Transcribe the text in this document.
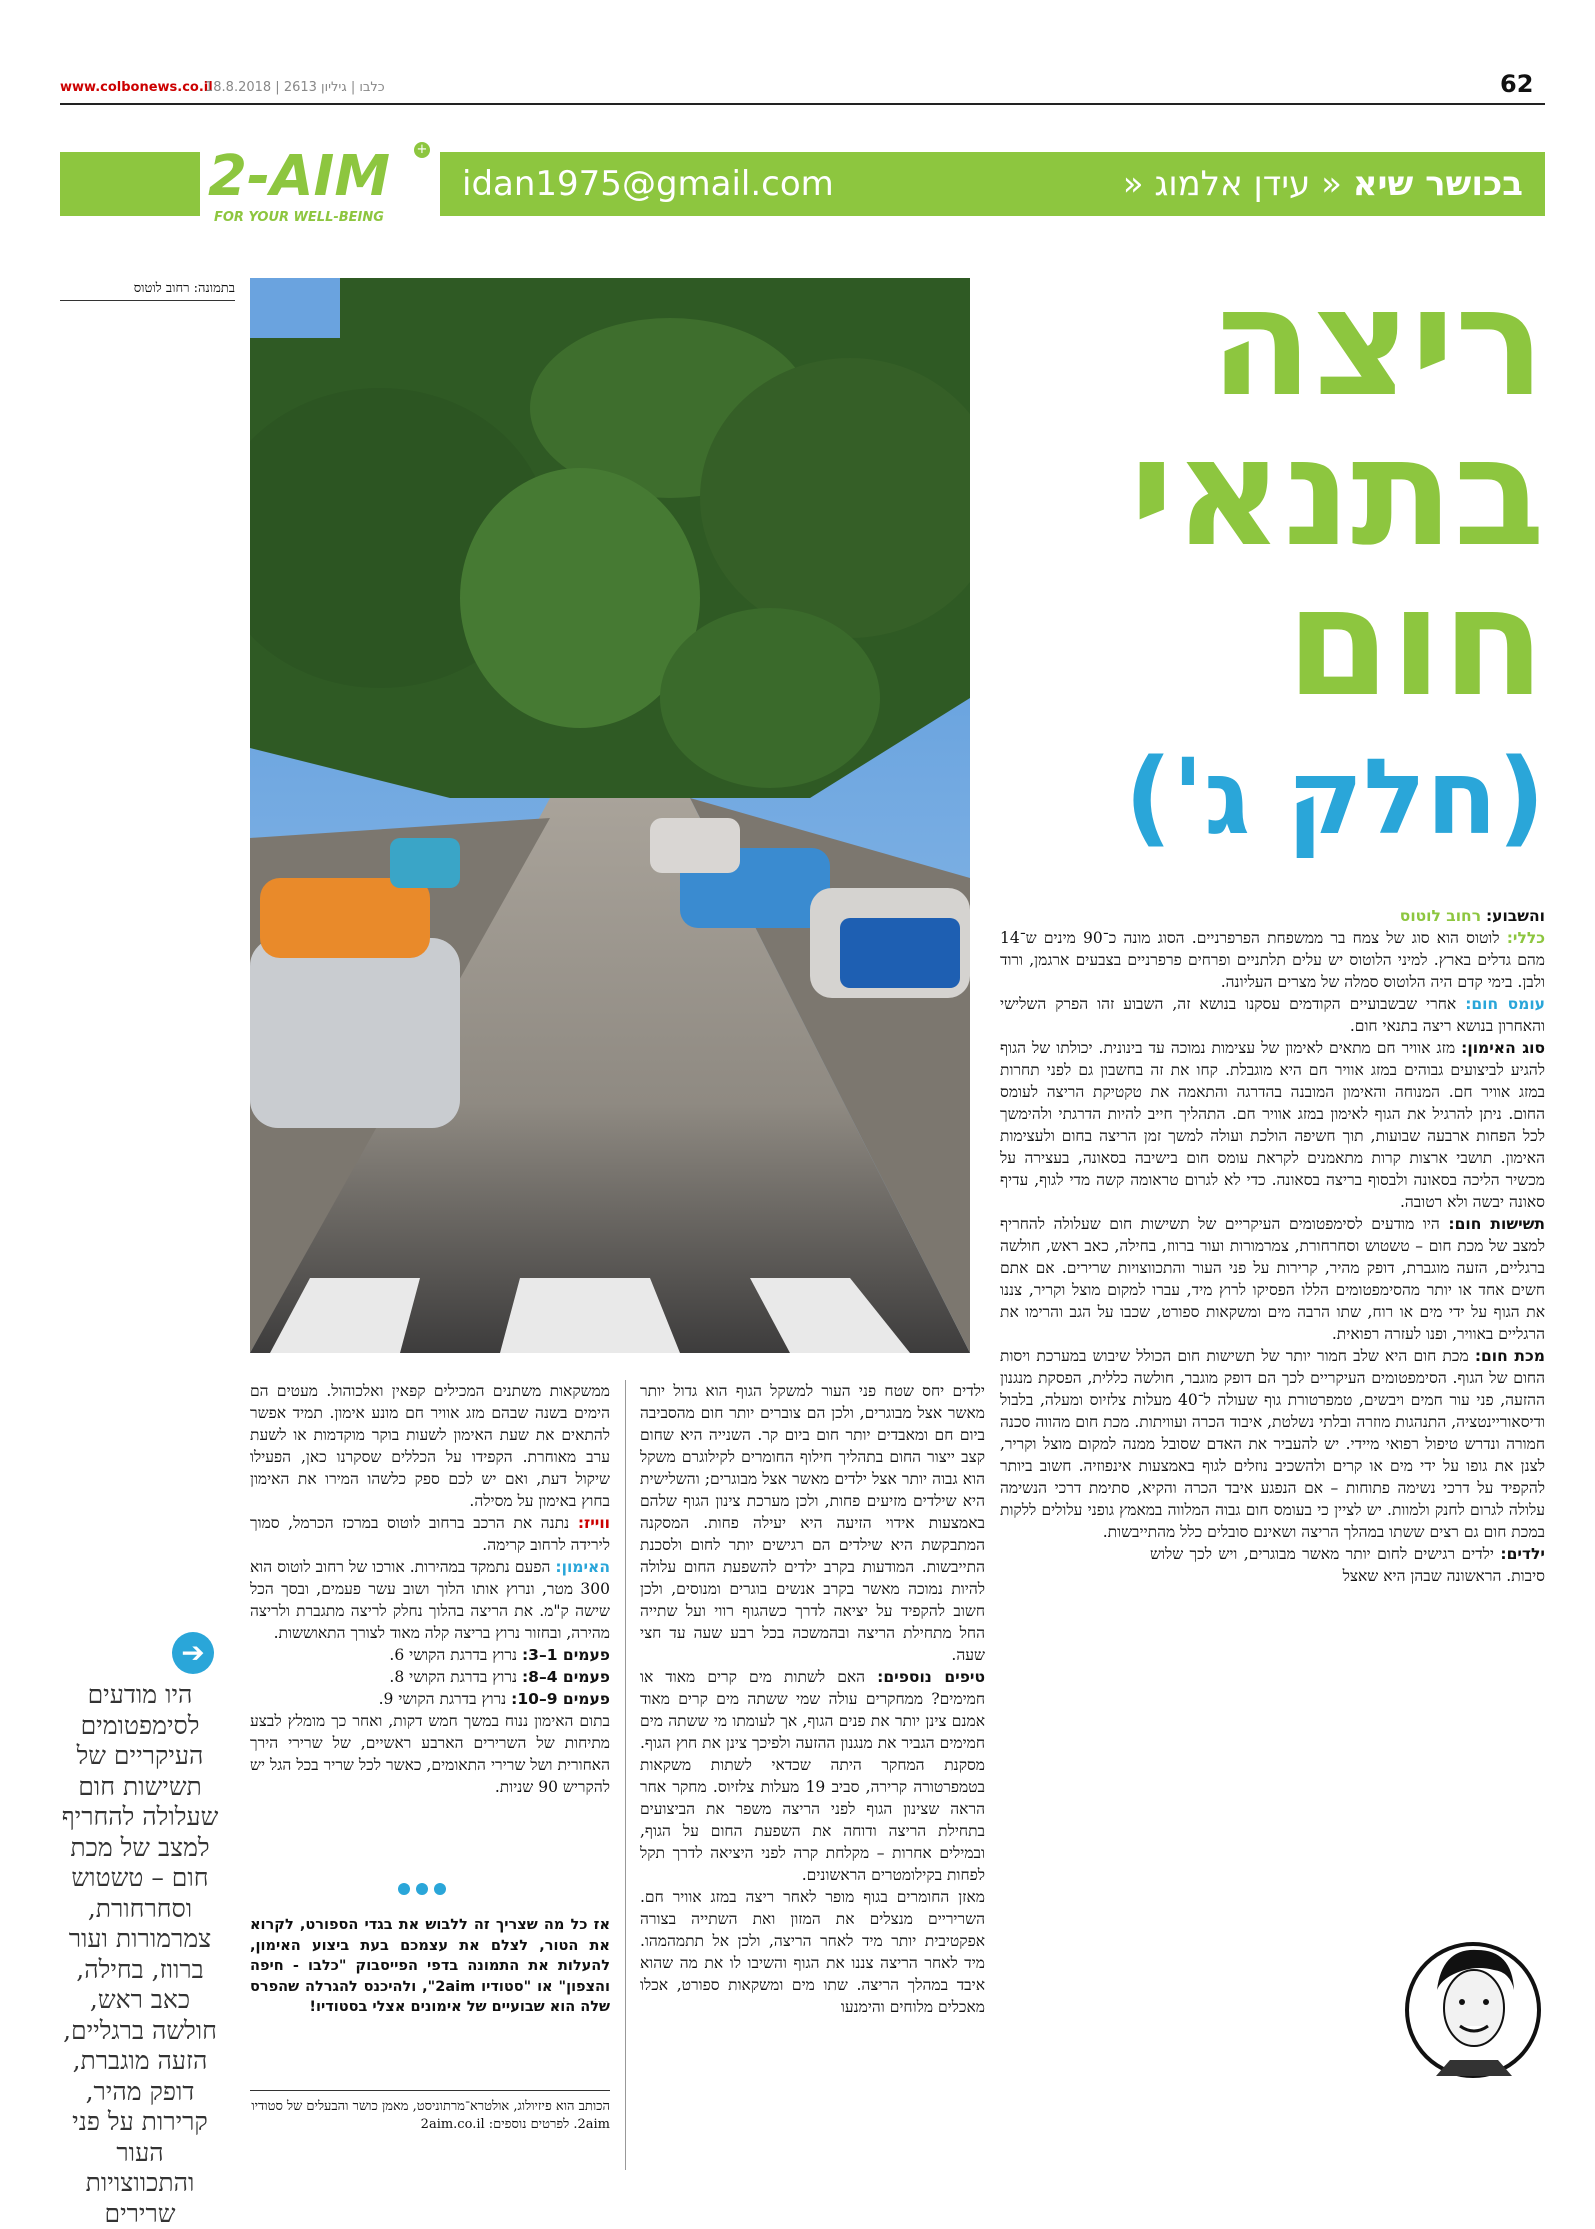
www.colbonews.co.il
כלבו | גיליון 2613 | 18.8.2018	62
2-AIM
FOR YOUR WELL-BEING
+
idan1975@gmail.com	בכושר שיא « עידן אלמוג «
בתמונה: רחוב לוטוס	ריצה
בתנאי
חום
(חלק ג')
והשבוע: רחוב לוטוס
כללי: לוטוס הוא סוג של צמח בר ממשפחת הפרפרניים. הסוג מונה כ־90 מינים ש־14 מהם גדלים בארץ. למיני הלוטוס יש עלים תלתניים ופרחים פרפרניים בצבעים ארגמן, ורוד ולבן. בימי קדם היה הלוטוס סמלה של מצרים העליונה.
עומס חום: אחרי שבשבועיים הקודמים עסקנו בנושא זה, השבוע זהו הפרק השלישי והאחרון בנושא ריצה בתנאי חום.
סוג האימון: מזג אוויר חם מתאים לאימון של עצימות נמוכה עד בינונית. יכולתו של הגוף להגיע לביצועים גבוהים במזג אוויר חם היא מוגבלת. קחו את זה בחשבון גם לפני תחרות במזג אוויר חם. המנוחה והאימון המובנה בהדרגה והתאמה את טקטיקת הריצה לעומס החום. ניתן להרגיל את הגוף לאימון במזג אוויר חם. התהליך חייב להיות הדרגתי ולהימשך לכל הפחות ארבעה שבועות, תוך חשיפה הולכת ועולה למשך זמן הריצה בחום ולעצימות האימון. תושבי ארצות קרות מתאמנים לקראת עומס חום בישיבה בסאונה, בעצירה על מכשיר הליכה בסאונה ולבסוף בריצה בסאונה. כדי לא לגרום טראומה קשה מדי לגוף, עדיף סאונה יבשה ולא רטובה.
תשישות חום: היו מודעים לסימפטומים העיקריים של תשישות חום שעלולה להחריף למצב של מכת חום – טשטוש וסחרחורת, צמרמורות ועור ברווז, בחילה, כאב ראש, חולשה ברגליים, הזעה מוגברת, דופק מהיר, קרירות על פני העור והתכווצויות שרירים. אם אתם חשים אחד או יותר מהסימפטומים הללו הפסיקו לרוץ מיד, עברו למקום מוצל וקריר, צננו את הגוף על ידי מים או רוח, שתו הרבה מים ומשקאות ספורט, שכבו על הגב והרימו את הרגליים באוויר, ופנו לעזרה רפואית.
מכת חום: מכת חום היא שלב חמור יותר של תשישות חום הכולל שיבוש במערכת ויסות החום של הגוף. הסימפטומים העיקריים לכך הם דופק מוגבר, חולשה כללית, הפסקת מנגנון ההזעה, פני עור חמים ויבשים, טמפרטורת גוף שעולה ל־40 מעלות צלזיוס ומעלה, בלבול ודיסאוריינטציה, התנהגות מוזרה ובלתי נשלטת, איבוד הכרה ועוויתות. מכת חום מהווה סכנה חמורה ונדרש טיפול רפואי מיידי. יש להעביר את האדם שסובל ממנה למקום מוצל וקריר, לצנן את גופו על ידי מים או קרים ולהשכיב נוזלים לגוף באמצעות אינפוזיה. חשוב ביותר להקפיד על דרכי נשימה פתוחות – אם הנפגע איבד הכרה והקיא, סתימת דרכי הנשימה עלולה לגרום לחנק ולמוות. יש לציין כי בעומס חום גבוה המלווה במאמץ גופני עלולים ללקות במכת חום גם רצים ששתו במהלך הריצה ושאינם סובלים כלל מהתייבשות.
ילדים: ילדים רגישים לחום יותר מאשר מבוגרים, ויש לכך שלוש סיבות. הראשונה שבהן היא שאצל
ילדים יחס שטח פני העור למשקל הגוף הוא גדול יותר מאשר אצל מבוגרים, ולכן הם צוברים יותר חום מהסביבה ביום חם ומאבדים יותר חום ביום קר. השנייה היא שחום קצב ייצור החום בתהליך חילוף החומרים לקילוגרם משקל הוא גבוה יותר אצל ילדים מאשר אצל מבוגרים; והשלישית היא שילדים מזיעים פחות, ולכן מערכת צינון הגוף שלהם באמצעות אידוי הזיעה היא יעילה פחות. המסקנה המתבקשת היא שילדים הם רגישים יותר לחום ולסכנת התייבשות. המודעות בקרב ילדים להשפעת החום עלולה להיות נמוכה מאשר בקרב אנשים בוגרים ומנוסים, ולכן חשוב להקפיד על יציאה לדרך כשהגוף רווי ועל שתייה החל מתחילת הריצה ובהמשכה בכל רבע שעה עד חצי שעה.
טיפים נוספים: האם לשתות מים קרים מאוד או חמימים? ממחקרים עולה שמי ששתה מים קרים מאוד אמנם צינן יותר את פנים הגוף, אך לעומתו מי ששתה מים חמימים הגביר את מנגנון ההזעה ולפיכך צינן את חוץ הגוף. מסקנת המחקר היתה שכדאי לשתות משקאות בטמפרטורה קרירה, סביב 19 מעלות צלזיוס. מחקר אחר הראה שצינון הגוף לפני הריצה משפר את הביצועים בתחילת הריצה ודוחה את השפעת החום על הגוף, ובמילים אחרות – מקלחת קרה לפני היציאה לדרך תקל לפחות בקילומטרים הראשונים.
מאזן החומרים בגוף מופר לאחר ריצה במזג אוויר חם. השריריים מנצלים את המזון ואת השתייה בצורה אפקטיבית יותר מיד לאחר הריצה, ולכן אל תתמהמהו. מיד לאחר הריצה צננו את הגוף והשיבו לו את מה שהוא איבד במהלך הריצה. שתו מים ומשקאות ספורט, אכלו מאכלים מלוחים והימנעו
ממשקאות משתנים המכילים קפאין ואלכוהול. מעטים הם הימים בשנה שבהם מזג אוויר חם מונע אימון. תמיד אפשר להתאים את שעת האימון לשעות בוקר מוקדמות או לשעת ערב מאוחרת. הקפידו על הכללים שסקרנו כאן, הפעילו שיקול דעת, ואם יש לכם ספק כלשהו המירו את האימון בחוץ באימון על מסילה.
ווייז: נתנה את הרכב ברחוב לוטוס במרכז הכרמל, סמוך לירידה לרחוב קרימה.
האימון: הפעם נתמקד במהירות. אורכו של רחוב לוטוס הוא 300 מטר, ונרוץ אותו הלוך ושוב עשר פעמים, ובסך הכל שישה ק"מ. את הריצה בהלוך נחלק לריצה מתגברת ולריצה מהירה, ובחזור נרוץ בריצה קלה מאוד לצורך התאוששות.
פעמים 1–3: נרוץ בדרגת הקושי 6.
פעמים 4–8: נרוץ בדרגת הקושי 8.
פעמים 9–10: נרוץ בדרגת הקושי 9.
בתום האימון ננוח במשך חמש דקות, ואחר כך מומלץ לבצע מתיחות של השרירים הארבע ראשיים, של שרירי הירך האחורית ושל שרירי התאומים, כאשר לכל שריר בכל הגל יש להקריש 90 שניות.
אז כל מה שצריך זה ללבוש את בגדי הספורט, לקרוא את הטור, לצלם את עצמכם בעת ביצוע האימון, להעלות את התמונה בדפי הפייסבוק "כלבו - חיפה והצפון" או "סטודיו 2aim", ולהיכנס להגרלה שהפרס שלה הוא שבועיים של אימונים אצלי בסטודיו!
הכותב הוא פיזיולוג, אולטרא־מרתוניסט, מאמן כושר והבעלים של סטודיו 2aim. לפרטים נוספים: 2aim.co.il
➔
היו מודעים לסימפטומים העיקריים של תשישות חום שעלולה להחריף למצב של מכת חום – טשטוש וסחרחורת, צמרמורות ועור ברווז, בחילה, כאב ראש, חולשה ברגליים, הזעה מוגברת, דופק מהיר, קרירות על פני העור והתכווצויות שרירים
